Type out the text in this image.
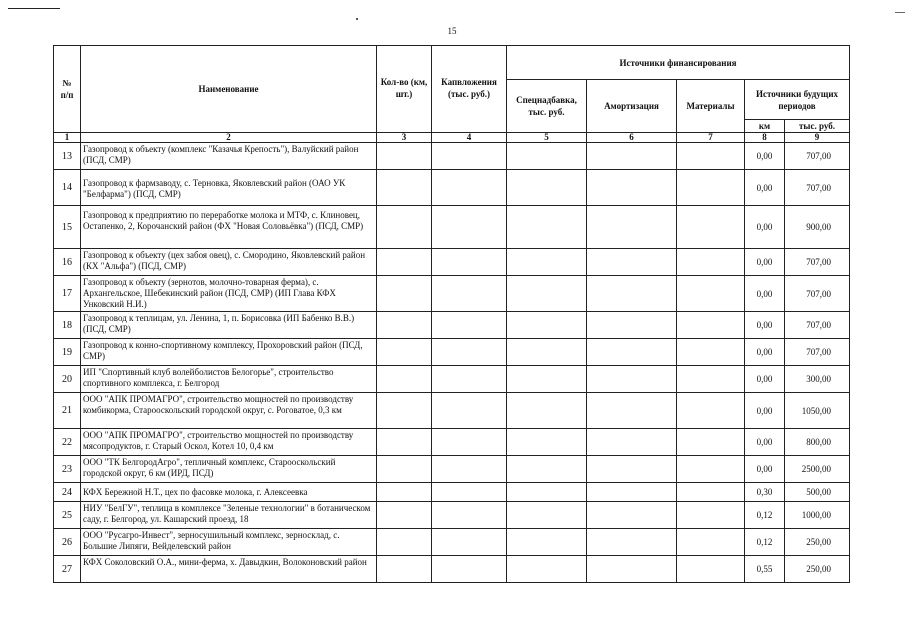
15
№
п/п	Наименование	Кол-во (км, шт.)	Капвложения (тыс. руб.)	Источники финансирования				
				Спецнадбавка, тыс. руб.	Амортизация	Материалы	Источники будущих периодов	
							км	тыс. руб.
1	2	3	4	5	6	7	8	9
13	Газопровод к объекту (комплекс "Казачья Крепость"), Валуйский район (ПСД, СМР)						0,00	707,00
14	Газопровод к фармзаводу, с. Терновка, Яковлевский район (ОАО УК "Белфарма") (ПСД, СМР)						0,00	707,00
15	Газопровод к предприятию по переработке молока и МТФ, с. Клиновец, Остапенко, 2, Корочанский район (ФХ "Новая Соловьёвка") (ПСД, СМР)						0,00	900,00
16	Газопровод к объекту (цех забоя овец), с. Смородино, Яковлевский район (КХ "Альфа") (ПСД, СМР)						0,00	707,00
17	Газопровод к объекту (зернотов, молочно-товарная ферма), с. Архангельское, Шебекинский район (ПСД, СМР) (ИП Глава КФХ Унковский Н.И.)						0,00	707,00
18	Газопровод к теплицам, ул. Ленина, 1, п. Борисовка (ИП Бабенко В.В.) (ПСД, СМР)						0,00	707,00
19	Газопровод к конно-спортивному комплексу, Прохоровский район (ПСД, СМР)						0,00	707,00
20	ИП "Спортивный клуб волейболистов Белогорье", строительство спортивного комплекса, г. Белгород						0,00	300,00
21	ООО "АПК ПРОМАГРО", строительство мощностей по производству комбикорма, Старооскольский городской округ, с. Роговатое, 0,3 км						0,00	1050,00
22	ООО "АПК ПРОМАГРО", строительство мощностей по производству мясопродуктов, г. Старый Оскол, Котел 10, 0,4 км						0,00	800,00
23	ООО "ТК БелгородАгро", тепличный комплекс, Старооскольский городской округ, 6 км (ИРД, ПСД)						0,00	2500,00
24	КФХ Бережной Н.Т., цех по фасовке молока, г. Алексеевка						0,30	500,00
25	НИУ "БелГУ", теплица в комплексе "Зеленые технологии" в ботаническом саду, г. Белгород, ул. Кашарский проезд, 18						0,12	1000,00
26	ООО "Русагро-Инвест", зерносушильный комплекс, зерносклад, с. Большие Липяги, Вейделевский район						0,12	250,00
27	КФХ Соколовский О.А., мини-ферма, х. Давыдкин, Волоконовский район						0,55	250,00
